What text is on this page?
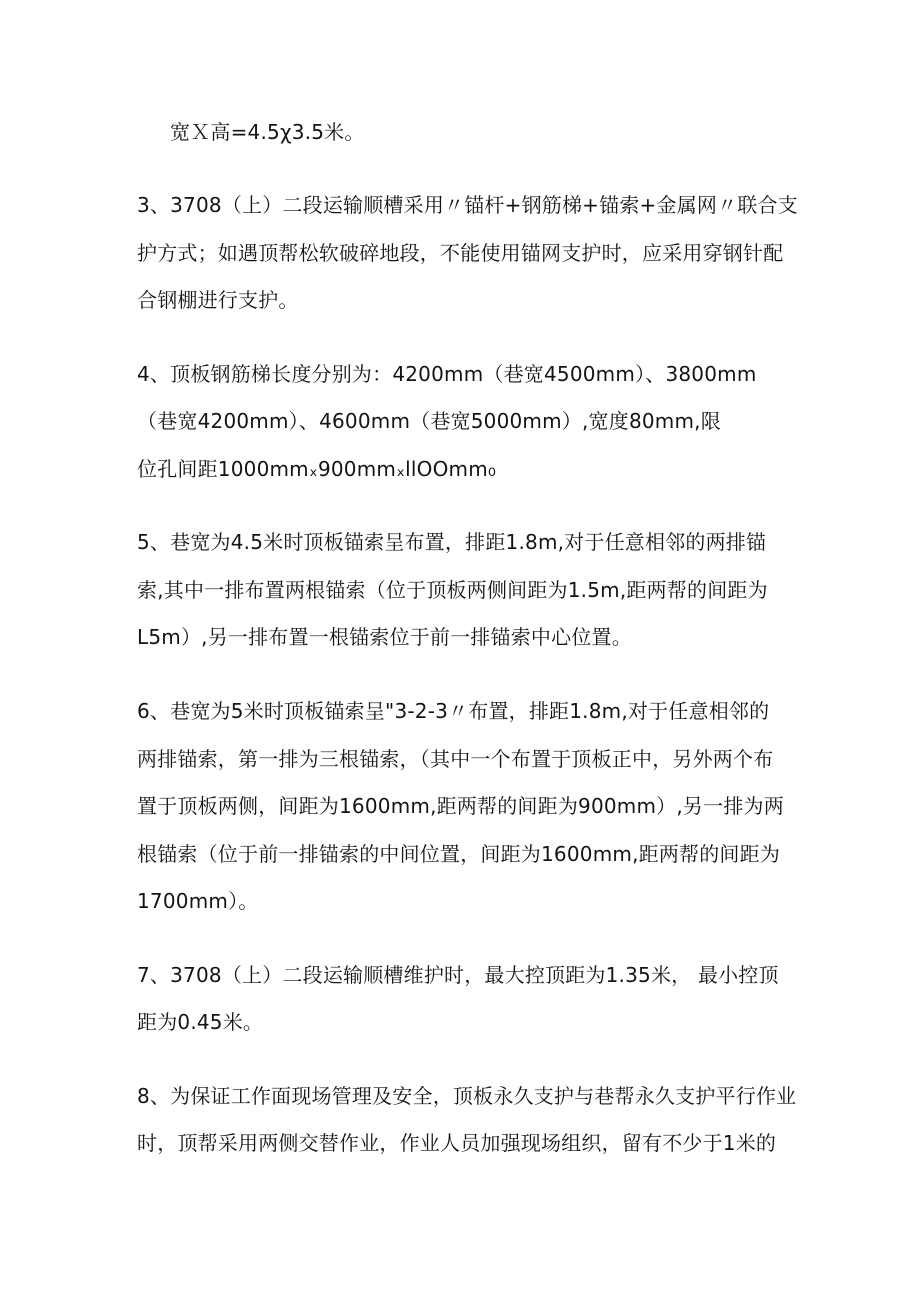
宽Ｘ高=4.5χ3.5米。
3、3708（上）二段运输顺槽采用〃锚杆+钢筋梯+锚索+金属网〃联合支
护方式；如遇顶帮松软破碎地段，不能使用锚网支护时，应采用穿钢针配
合钢棚进行支护。
4、顶板钢筋梯长度分别为：4200mm（巷宽4500mm）、3800mm
（巷宽4200mm）、4600mm（巷宽5000mm）,宽度80mm,限
位孔间距1000mmₓ900mmₓllOOmm₀
5、巷宽为4.5米时顶板锚索呈布置，排距1.8m,对于任意相邻的两排锚
索,其中一排布置两根锚索（位于顶板两侧间距为1.5m,距两帮的间距为
L5m）,另一排布置一根锚索位于前一排锚索中心位置。
6、巷宽为5米时顶板锚索呈"3-2-3〃布置，排距1.8m,对于任意相邻的
两排锚索，第一排为三根锚索，（其中一个布置于顶板正中，另外两个布
置于顶板两侧，间距为1600mm,距两帮的间距为900mm）,另一排为两
根锚索（位于前一排锚索的中间位置，间距为1600mm,距两帮的间距为
1700mm）。
7、3708（上）二段运输顺槽维护时，最大控顶距为1.35米， 最小控顶
距为0.45米。
8、为保证工作面现场管理及安全，顶板永久支护与巷帮永久支护平行作业
时，顶帮采用两侧交替作业，作业人员加强现场组织，留有不少于1米的
